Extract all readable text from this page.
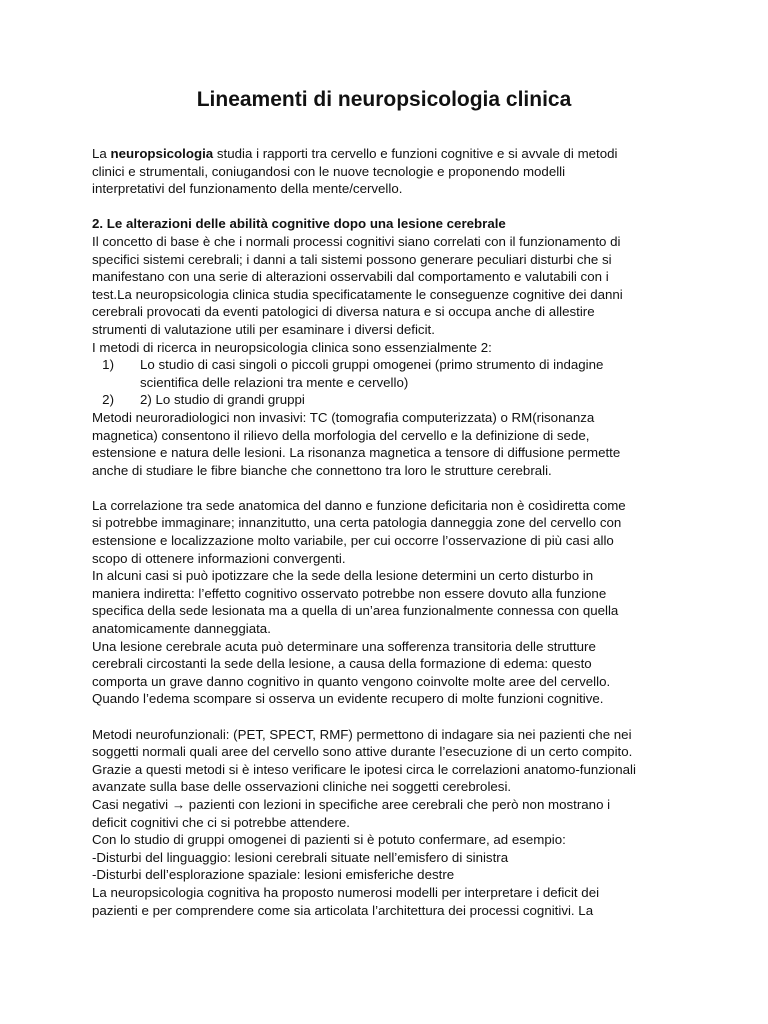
Lineamenti di neuropsicologia clinica
La neuropsicologia studia i rapporti tra cervello e funzioni cognitive e si avvale di metodi
clinici e strumentali, coniugandosi con le nuove tecnologie e proponendo modelli
interpretativi del funzionamento della mente/cervello.
2. Le alterazioni delle abilità cognitive dopo una lesione cerebrale
Il concetto di base è che i normali processi cognitivi siano correlati con il funzionamento di
specifici sistemi cerebrali; i danni a tali sistemi possono generare peculiari disturbi che si
manifestano con una serie di alterazioni osservabili dal comportamento e valutabili con i
test.La neuropsicologia clinica studia specificatamente le conseguenze cognitive dei danni
cerebrali provocati da eventi patologici di diversa natura e si occupa anche di allestire
strumenti di valutazione utili per esaminare i diversi deficit.
I metodi di ricerca in neuropsicologia clinica sono essenzialmente 2:
1) Lo studio di casi singoli o piccoli gruppi omogenei (primo strumento di indagine
scientifica delle relazioni tra mente e cervello)
2) 2) Lo studio di grandi gruppi
Metodi neuroradiologici non invasivi: TC (tomografia computerizzata) o RM(risonanza
magnetica) consentono il rilievo della morfologia del cervello e la definizione di sede,
estensione e natura delle lesioni. La risonanza magnetica a tensore di diffusione permette
anche di studiare le fibre bianche che connettono tra loro le strutture cerebrali.
La correlazione tra sede anatomica del danno e funzione deficitaria non è cosìdiretta come
si potrebbe immaginare; innanzitutto, una certa patologia danneggia zone del cervello con
estensione e localizzazione molto variabile, per cui occorre l’osservazione di più casi allo
scopo di ottenere informazioni convergenti.
In alcuni casi si può ipotizzare che la sede della lesione determini un certo disturbo in
maniera indiretta: l’effetto cognitivo osservato potrebbe non essere dovuto alla funzione
specifica della sede lesionata ma a quella di un’area funzionalmente connessa con quella
anatomicamente danneggiata.
Una lesione cerebrale acuta può determinare una sofferenza transitoria delle strutture
cerebrali circostanti la sede della lesione, a causa della formazione di edema: questo
comporta un grave danno cognitivo in quanto vengono coinvolte molte aree del cervello.
Quando l’edema scompare si osserva un evidente recupero di molte funzioni cognitive.
Metodi neurofunzionali: (PET, SPECT, RMF) permettono di indagare sia nei pazienti che nei
soggetti normali quali aree del cervello sono attive durante l’esecuzione di un certo compito.
Grazie a questi metodi si è inteso verificare le ipotesi circa le correlazioni anatomo-funzionali
avanzate sulla base delle osservazioni cliniche nei soggetti cerebrolesi.
Casi negativi → pazienti con lezioni in specifiche aree cerebrali che però non mostrano i
deficit cognitivi che ci si potrebbe attendere.
Con lo studio di gruppi omogenei di pazienti si è potuto confermare, ad esempio:
-Disturbi del linguaggio: lesioni cerebrali situate nell’emisfero di sinistra
-Disturbi dell’esplorazione spaziale: lesioni emisferiche destre
La neuropsicologia cognitiva ha proposto numerosi modelli per interpretare i deficit dei
pazienti e per comprendere come sia articolata l’architettura dei processi cognitivi. La
